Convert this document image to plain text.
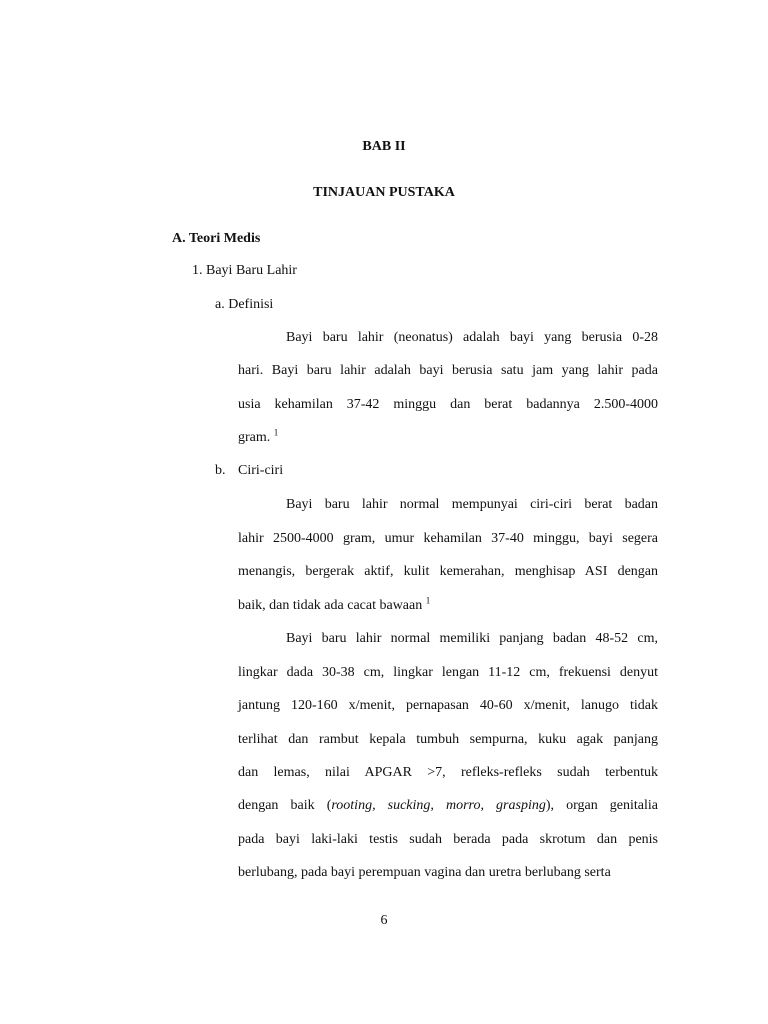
BAB II
TINJAUAN PUSTAKA
A. Teori Medis
1. Bayi Baru Lahir
a. Definisi
Bayi baru lahir (neonatus) adalah bayi yang berusia 0-28
hari. Bayi baru lahir adalah bayi berusia satu jam yang lahir pada
usia kehamilan 37-42 minggu dan berat badannya 2.500-4000
gram. $^1$
b. Ciri-ciri
Bayi baru lahir normal mempunyai ciri-ciri berat badan
lahir 2500-4000 gram, umur kehamilan 37-40 minggu, bayi segera
menangis, bergerak aktif, kulit kemerahan, menghisap ASI dengan
baik, dan tidak ada cacat bawaan $^1$
Bayi baru lahir normal memiliki panjang badan 48-52 cm,
lingkar dada 30-38 cm, lingkar lengan 11-12 cm, frekuensi denyut
jantung 120-160 x/menit, pernapasan 40-60 x/menit, lanugo tidak
terlihat dan rambut kepala tumbuh sempurna, kuku agak panjang
dan lemas, nilai APGAR >7, refleks-refleks sudah terbentuk
dengan baik (rooting, sucking, morro, grasping), organ genitalia
pada bayi laki-laki testis sudah berada pada skrotum dan penis
berlubang, pada bayi perempuan vagina dan uretra berlubang serta
6
